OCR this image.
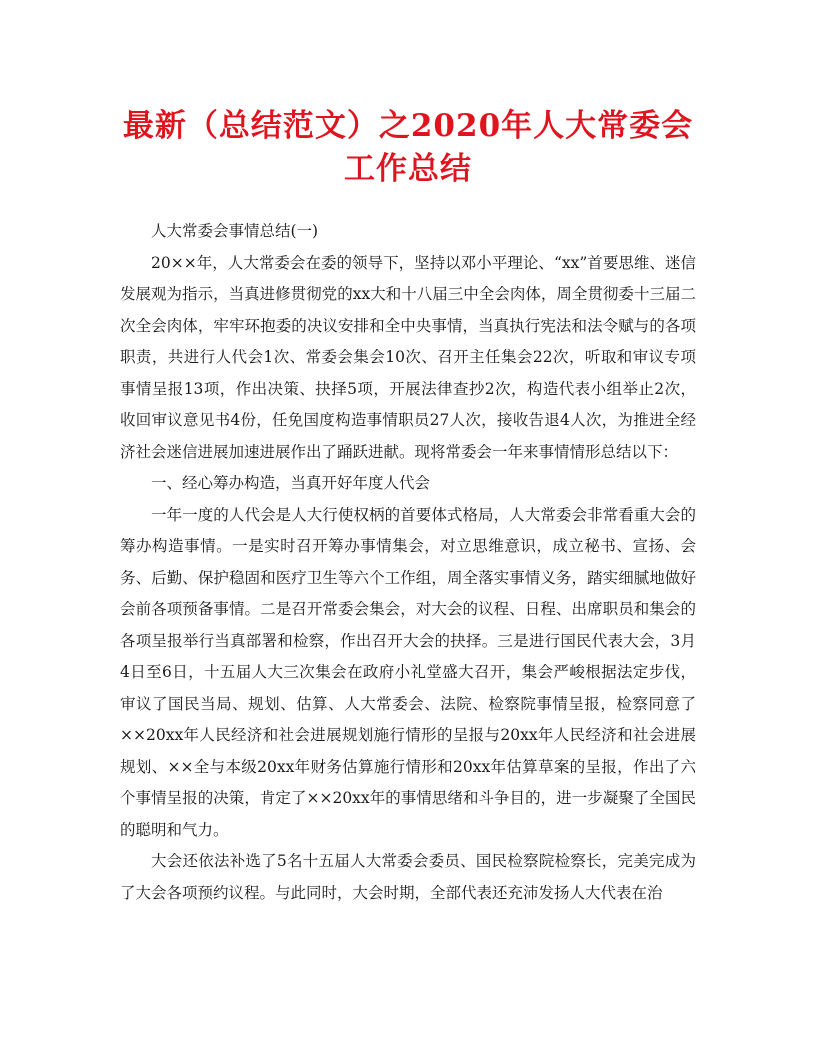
最新（总结范文）之2020年人大常委会
工作总结

人大常委会事情总结(一)

20××年，人大常委会在委的领导下，坚持以邓小平理论、“xx”首要思维、迷信发展观为指示，当真进修贯彻党的xx大和十八届三中全会肉体，周全贯彻委十三届二次全会肉体，牢牢环抱委的决议安排和全中央事情，当真执行宪法和法令赋与的各项职责，共进行人代会1次、常委会集会10次、召开主任集会22次，听取和审议专项事情呈报13项，作出决策、抉择5项，开展法律查抄2次，构造代表小组举止2次，收回审议意见书4份，任免国度构造事情职员27人次，接收告退4人次，为推进全经济社会迷信进展加速进展作出了踊跃进献。现将常委会一年来事情情形总结以下：

一、经心筹办构造，当真开好年度人代会

一年一度的人代会是人大行使权柄的首要体式格局，人大常委会非常看重大会的筹办构造事情。一是实时召开筹办事情集会，对立思维意识，成立秘书、宣扬、会务、后勤、保护稳固和医疗卫生等六个工作组，周全落实事情义务，踏实细腻地做好会前各项预备事情。二是召开常委会集会，对大会的议程、日程、出席职员和集会的各项呈报举行当真部署和检察，作出召开大会的抉择。三是进行国民代表大会，3月4日至6日，十五届人大三次集会在政府小礼堂盛大召开，集会严峻根据法定步伐，审议了国民当局、规划、估算、人大常委会、法院、检察院事情呈报，检察同意了××20xx年人民经济和社会进展规划施行情形的呈报与20xx年人民经济和社会进展规划、××全与本级20xx年财务估算施行情形和20xx年估算草案的呈报，作出了六个事情呈报的决策，肯定了××20xx年的事情思绪和斗争目的，进一步凝聚了全国民的聪明和气力。

大会还依法补选了5名十五届人大常委会委员、国民检察院检察长，完美完成为了大会各项预约议程。与此同时，大会时期，全部代表还充沛发扬人大代表在治
